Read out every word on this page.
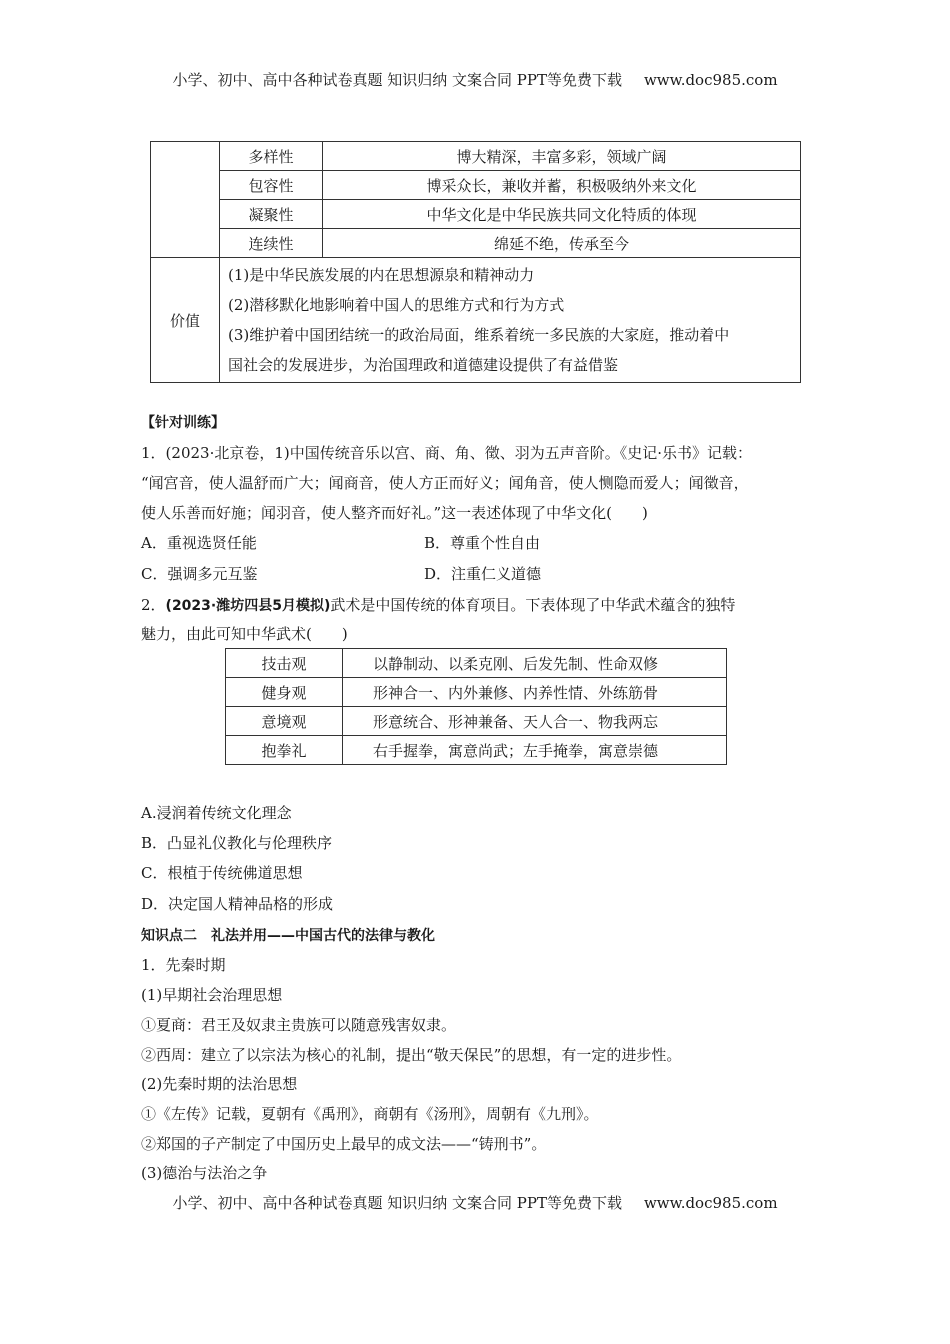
小学、初中、高中各种试卷真题 知识归纳 文案合同 PPT等免费下载 www.doc985.com
	多样性	博大精深，丰富多彩，领域广阔
	包容性	博采众长，兼收并蓄，积极吸纳外来文化
	凝聚性	中华文化是中华民族共同文化特质的体现
	连续性	绵延不绝，传承至今
价值	(1)是中华民族发展的内在思想源泉和精神动力
(2)潜移默化地影响着中国人的思维方式和行为方式
(3)维护着中国团结统一的政治局面，维系着统一多民族的大家庭，推动着中
国社会的发展进步，为治国理政和道德建设提供了有益借鉴	
【针对训练】
1．(2023·北京卷，1)中国传统音乐以宫、商、角、徵、羽为五声音阶。《史记·乐书》记载：
“闻宫音，使人温舒而广大；闻商音，使人方正而好义；闻角音，使人恻隐而爱人；闻徵音，
使人乐善而好施；闻羽音，使人整齐而好礼。”这一表述体现了中华文化(　　)
A．重视选贤任能	B．尊重个性自由
C．强调多元互鉴	D．注重仁义道德
2．(2023·潍坊四县5月模拟)武术是中国传统的体育项目。下表体现了中华武术蕴含的独特
魅力，由此可知中华武术(　　)
技击观	以静制动、以柔克刚、后发先制、性命双修
健身观	形神合一、内外兼修、内养性情、外练筋骨
意境观	形意统合、形神兼备、天人合一、物我两忘
抱拳礼	右手握拳，寓意尚武；左手掩拳，寓意崇德
A.浸润着传统文化理念
B．凸显礼仪教化与伦理秩序
C．根植于传统佛道思想
D．决定国人精神品格的形成
知识点二　礼法并用——中国古代的法律与教化
1．先秦时期
(1)早期社会治理思想
①夏商：君王及奴隶主贵族可以随意残害奴隶。
②西周：建立了以宗法为核心的礼制，提出“敬天保民”的思想，有一定的进步性。
(2)先秦时期的法治思想
①《左传》记载，夏朝有《禹刑》，商朝有《汤刑》，周朝有《九刑》。
②郑国的子产制定了中国历史上最早的成文法——“铸刑书”。
(3)德治与法治之争
小学、初中、高中各种试卷真题 知识归纳 文案合同 PPT等免费下载 www.doc985.com
